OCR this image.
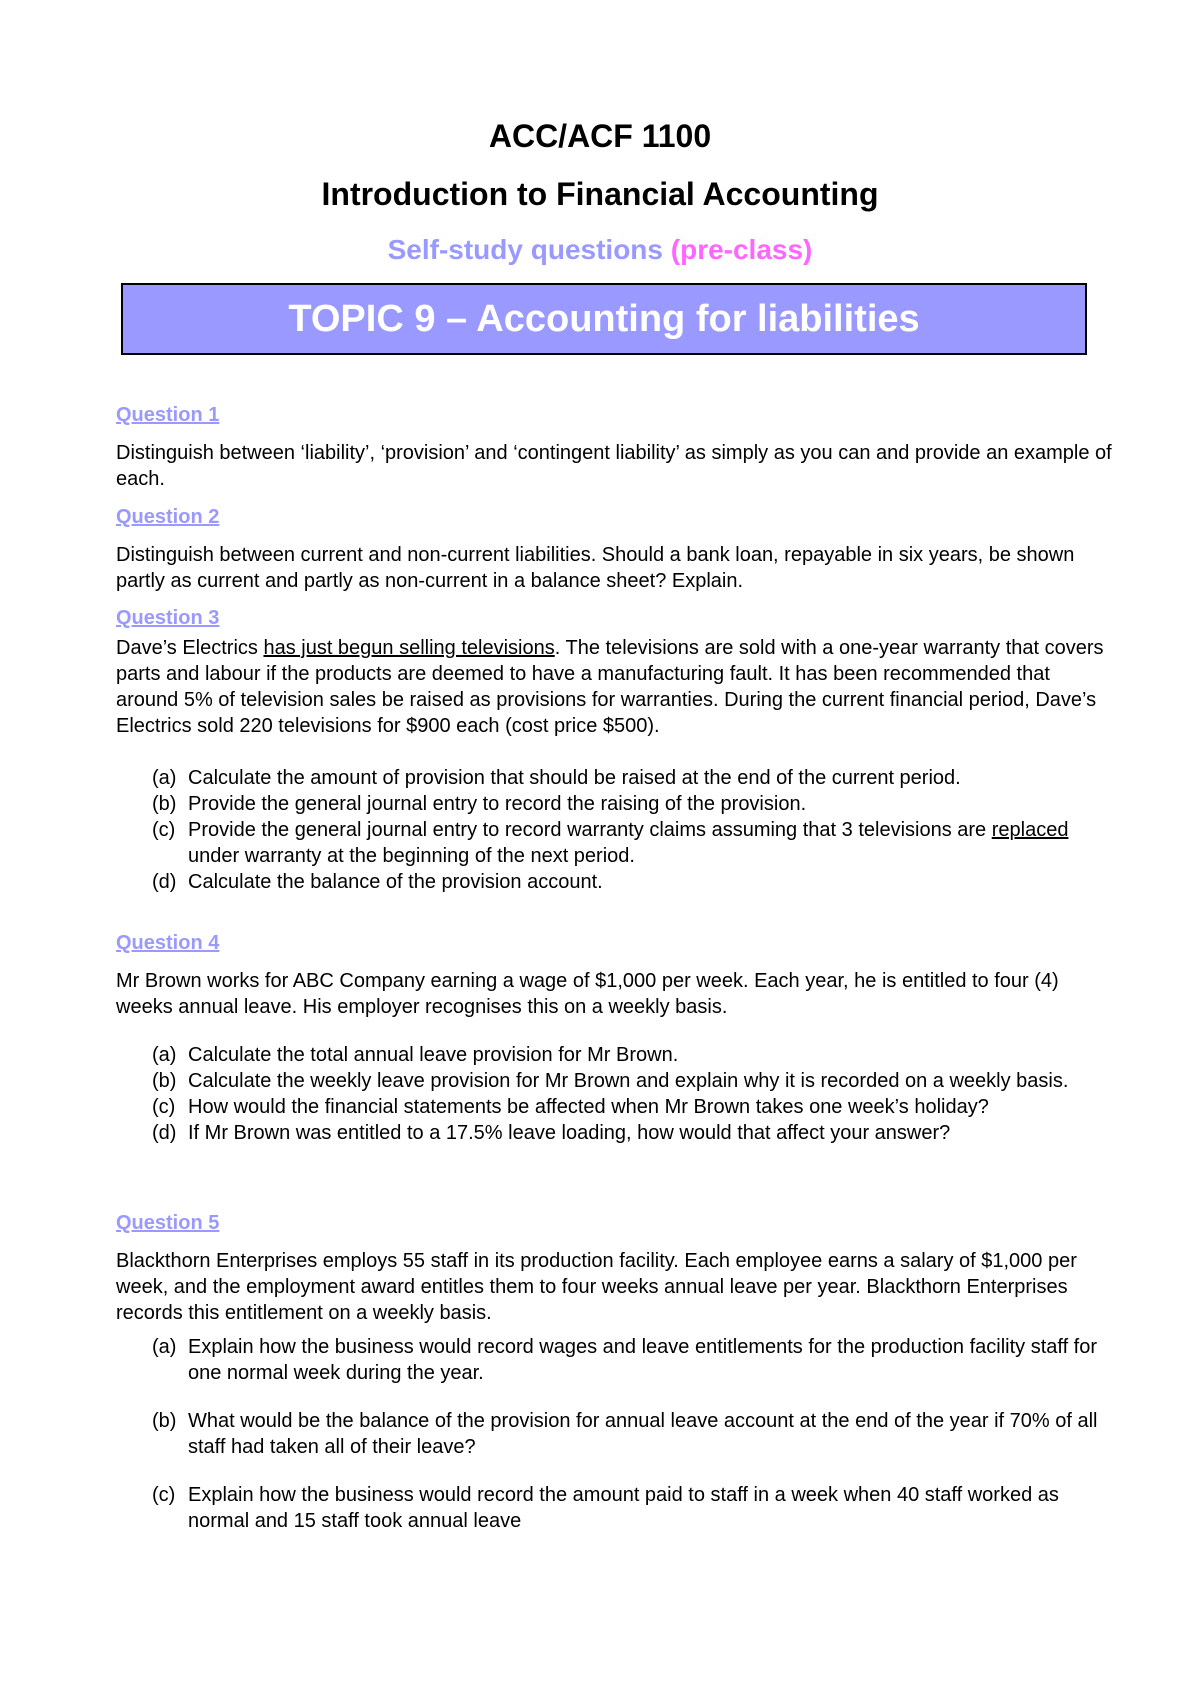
ACC/ACF 1100
Introduction to Financial Accounting
Self-study questions (pre-class)
TOPIC 9 – Accounting for liabilities
Question 1
Distinguish between ‘liability’, ‘provision’ and ‘contingent liability’ as simply as you can and provide an example of each.
Question 2
Distinguish between current and non-current liabilities. Should a bank loan, repayable in six years, be shown partly as current and partly as non-current in a balance sheet? Explain.
Question 3
Dave’s Electrics has just begun selling televisions. The televisions are sold with a one-year warranty that covers parts and labour if the products are deemed to have a manufacturing fault. It has been recommended that around 5% of television sales be raised as provisions for warranties. During the current financial period, Dave’s Electrics sold 220 televisions for $900 each (cost price $500).
(a) Calculate the amount of provision that should be raised at the end of the current period.
(b) Provide the general journal entry to record the raising of the provision.
(c) Provide the general journal entry to record warranty claims assuming that 3 televisions are replaced under warranty at the beginning of the next period.
(d) Calculate the balance of the provision account.
Question 4
Mr Brown works for ABC Company earning a wage of $1,000 per week. Each year, he is entitled to four (4) weeks annual leave. His employer recognises this on a weekly basis.
(a) Calculate the total annual leave provision for Mr Brown.
(b) Calculate the weekly leave provision for Mr Brown and explain why it is recorded on a weekly basis.
(c) How would the financial statements be affected when Mr Brown takes one week’s holiday?
(d) If Mr Brown was entitled to a 17.5% leave loading, how would that affect your answer?
Question 5
Blackthorn Enterprises employs 55 staff in its production facility. Each employee earns a salary of $1,000 per week, and the employment award entitles them to four weeks annual leave per year. Blackthorn Enterprises records this entitlement on a weekly basis.
(a) Explain how the business would record wages and leave entitlements for the production facility staff for one normal week during the year.
(b) What would be the balance of the provision for annual leave account at the end of the year if 70% of all staff had taken all of their leave?
(c) Explain how the business would record the amount paid to staff in a week when 40 staff worked as normal and 15 staff took annual leave
